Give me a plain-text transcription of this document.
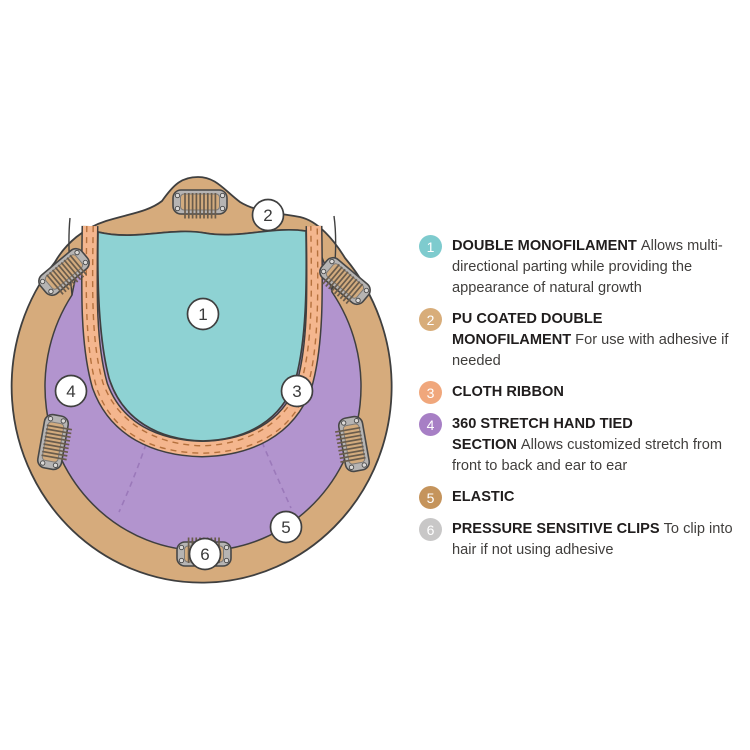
1
2
3
4
5
6
1	DOUBLE MONOFILAMENT Allows multi-directional parting while providing the appearance of natural growth

2	PU COATED DOUBLE MONOFILAMENT For use with adhesive if needed

3	CLOTH RIBBON

4	360 STRETCH HAND TIED SECTION Allows customized stretch from front to back and ear to ear

5	ELASTIC

6	PRESSURE SENSITIVE CLIPS To clip into hair if not using adhesive
